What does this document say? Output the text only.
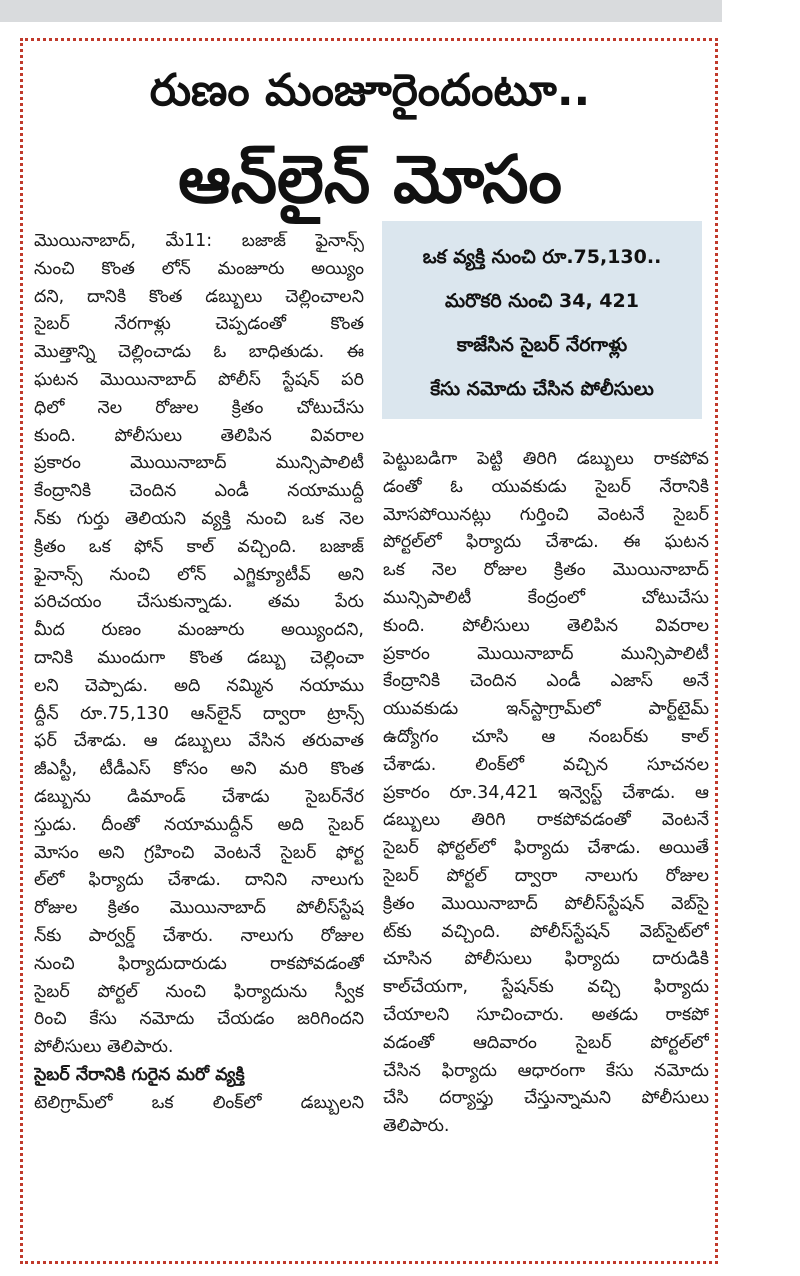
రుణం మంజూరైందంటూ..
ఆన్‌లైన్ మోసం
ఒక వ్యక్తి నుంచి రూ.75,130..
మరొకరి నుంచి 34, 421
కాజేసిన సైబర్ నేరగాళ్లు
కేసు నమోదు చేసిన పోలీసులు
మొయినాబాద్, మే11: బజాజ్ ఫైనాన్స్
నుంచి కొంత లోన్ మంజూరు అయ్యిం
దని, దానికి కొంత డబ్బులు చెల్లించాలని
సైబర్ నేరగాళ్లు చెప్పడంతో కొంత
మొత్తాన్ని చెల్లించాడు ఓ బాధితుడు. ఈ
ఘటన మొయినాబాద్ పోలీస్ స్టేషన్ పరి
ధిలో నెల రోజుల క్రితం చోటుచేసు
కుంది. పోలీసులు తెలిపిన వివరాల
ప్రకారం మొయినాబాద్ మున్సిపాలిటీ
కేంద్రానికి చెందిన ఎండీ నయాముద్దీ
న్‌కు గుర్తు తెలియని వ్యక్తి నుంచి ఒక నెల
క్రితం ఒక ఫోన్ కాల్ వచ్చింది. బజాజ్
ఫైనాన్స్ నుంచి లోన్ ఎగ్జిక్యూటీవ్ అని
పరిచయం చేసుకున్నాడు. తమ పేరు
మీద రుణం మంజూరు అయ్యిందని,
దానికి ముందుగా కొంత డబ్బు చెల్లించా
లని చెప్పాడు. అది నమ్మిన నయాము
ద్దీన్ రూ.75,130 ఆన్‌లైన్ ద్వారా ట్రాన్స్
ఫర్ చేశాడు. ఆ డబ్బులు వేసిన తరువాత
జీఎస్టీ, టీడీఎస్ కోసం అని మరి కొంత
డబ్బును డిమాండ్ చేశాడు సైబర్‌నేర
స్తుడు. దీంతో నయాముద్దీన్ అది సైబర్
మోసం అని గ్రహించి వెంటనే సైబర్ ఫోర్ట
ల్‌లో ఫిర్యాదు చేశాడు. దానిని నాలుగు
రోజుల క్రితం మొయినాబాద్ పోలీస్‌స్టేష
న్‌కు పార్వర్డ్ చేశారు. నాలుగు రోజుల
నుంచి ఫిర్యాదుదారుడు రాకపోవడంతో
సైబర్ పోర్టల్ నుంచి ఫిర్యాదును స్వీక
రించి కేసు నమోదు చేయడం జరిగిందని
పోలీసులు తెలిపారు.
సైబర్ నేరానికి గురైన మరో వ్యక్తి
టెలిగ్రామ్‌లో ఒక లింక్‌లో డబ్బులని
పెట్టుబడిగా పెట్టి తిరిగి డబ్బులు రాకపోవ
డంతో ఓ యువకుడు సైబర్ నేరానికి
మోసపోయినట్లు గుర్తించి వెంటనే సైబర్
పోర్టల్‌లో ఫిర్యాదు చేశాడు. ఈ ఘటన
ఒక నెల రోజుల క్రితం మొయినాబాద్
మున్సిపాలిటీ కేంద్రంలో చోటుచేసు
కుంది. పోలీసులు తెలిపిన వివరాల
ప్రకారం మొయినాబాద్ మున్సిపాలిటీ
కేంద్రానికి చెందిన ఎండీ ఎజాస్ అనే
యువకుడు ఇన్‌స్టాగ్రామ్‌లో పార్ట్‌టైమ్
ఉద్యోగం చూసి ఆ నంబర్‌కు కాల్
చేశాడు. లింక్‌లో వచ్చిన సూచనల
ప్రకారం రూ.34,421 ఇన్వెస్ట్ చేశాడు. ఆ
డబ్బులు తిరిగి రాకపోవడంతో వెంటనే
సైబర్ ఫోర్టల్‌లో ఫిర్యాదు చేశాడు. అయితే
సైబర్ పోర్టల్ ద్వారా నాలుగు రోజుల
క్రితం మొయినాబాద్ పోలీస్‌స్టేషన్ వెబ్‌సై
ట్‌కు వచ్చింది. పోలీస్‌స్టేషన్ వెబ్‌సైట్‌లో
చూసిన పోలీసులు ఫిర్యాదు దారుడికి
కాల్‌చేయగా, స్టేషన్‌కు వచ్చి ఫిర్యాదు
చేయాలని సూచించారు. అతడు రాకపో
వడంతో ఆదివారం సైబర్ పోర్టల్‌లో
చేసిన ఫిర్యాదు ఆధారంగా కేసు నమోదు
చేసి దర్యాప్తు చేస్తున్నామని పోలీసులు
తెలిపారు.
